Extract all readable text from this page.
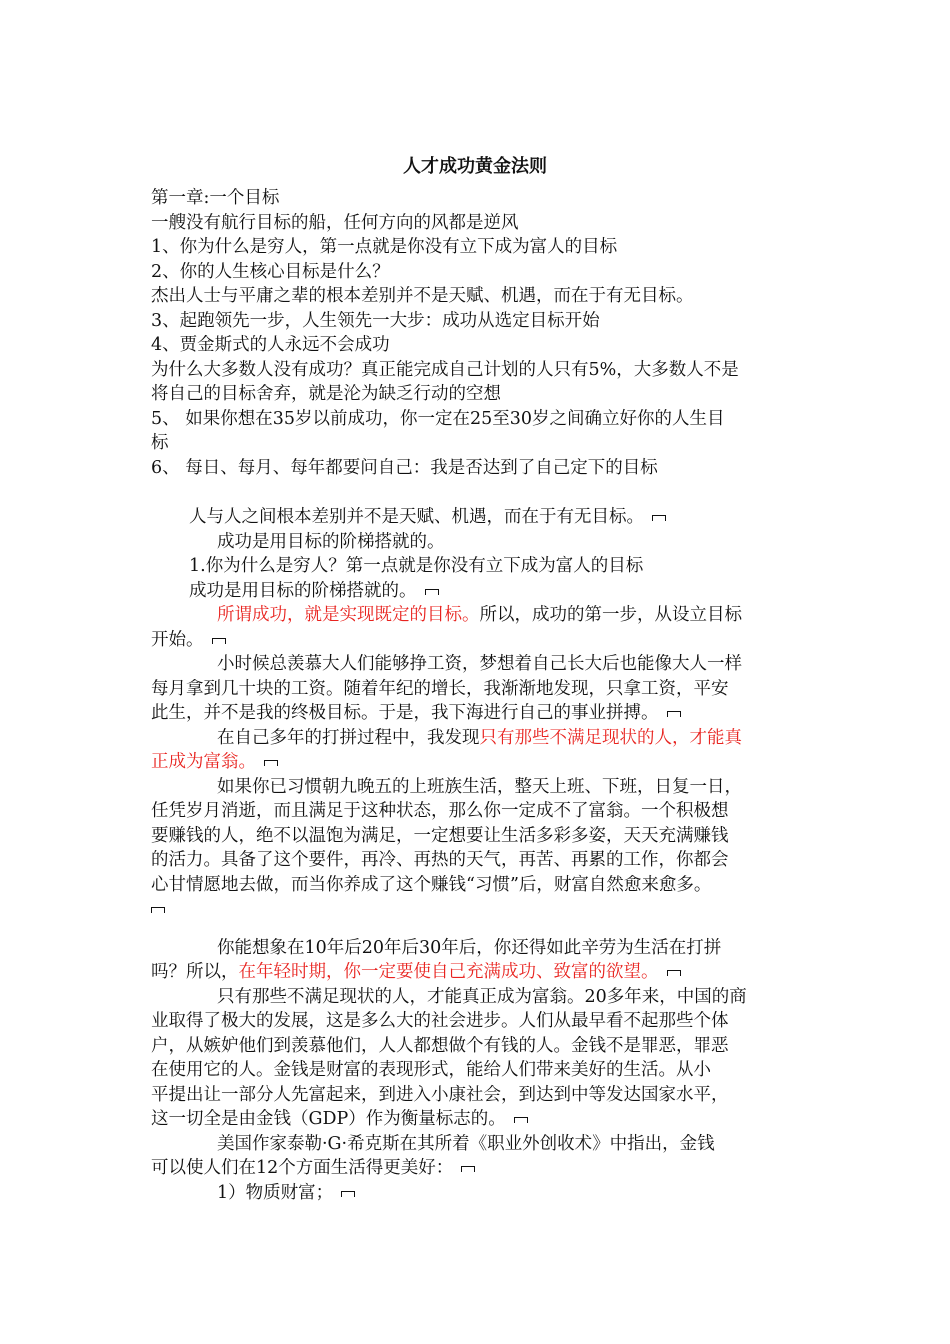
人才成功黄金法则
第一章:一个目标
一艘没有航行目标的船，任何方向的风都是逆风
1、你为什么是穷人，第一点就是你没有立下成为富人的目标
2、你的人生核心目标是什么？
杰出人士与平庸之辈的根本差别并不是天赋、机遇，而在于有无目标。
3、起跑领先一步，人生领先一大步：成功从选定目标开始
4、贾金斯式的人永远不会成功
为什么大多数人没有成功？真正能完成自己计划的人只有5%，大多数人不是
将自己的目标舍弃，就是沦为缺乏行动的空想
5、 如果你想在35岁以前成功，你一定在25至30岁之间确立好你的人生目
标
6、 每日、每月、每年都要问自己：我是否达到了自己定下的目标
人与人之间根本差别并不是天赋、机遇，而在于有无目标。
成功是用目标的阶梯搭就的。
1.你为什么是穷人？第一点就是你没有立下成为富人的目标
成功是用目标的阶梯搭就的。
所谓成功，就是实现既定的目标。所以，成功的第一步，从设立目标
开始。
小时候总羡慕大人们能够挣工资，梦想着自己长大后也能像大人一样
每月拿到几十块的工资。随着年纪的增长，我渐渐地发现，只拿工资，平安
此生，并不是我的终极目标。于是，我下海进行自己的事业拼搏。
在自己多年的打拼过程中，我发现只有那些不满足现状的人，才能真
正成为富翁。
如果你已习惯朝九晚五的上班族生活，整天上班、下班，日复一日，
任凭岁月消逝，而且满足于这种状态，那么你一定成不了富翁。一个积极想
要赚钱的人，绝不以温饱为满足，一定想要让生活多彩多姿，天天充满赚钱
的活力。具备了这个要件，再冷、再热的天气，再苦、再累的工作，你都会
心甘情愿地去做，而当你养成了这个赚钱“习惯”后，财富自然愈来愈多。
你能想象在10年后20年后30年后，你还得如此辛劳为生活在打拼
吗？所以，在年轻时期，你一定要使自己充满成功、致富的欲望。
只有那些不满足现状的人，才能真正成为富翁。20多年来，中国的商
业取得了极大的发展，这是多么大的社会进步。人们从最早看不起那些个体
户，从嫉妒他们到羡慕他们，人人都想做个有钱的人。金钱不是罪恶，罪恶
在使用它的人。金钱是财富的表现形式，能给人们带来美好的生活。从小
平提出让一部分人先富起来，到进入小康社会，到达到中等发达国家水平，
这一切全是由金钱（GDP）作为衡量标志的。
美国作家泰勒·G·希克斯在其所着《职业外创收术》中指出，金钱
可以使人们在12个方面生活得更美好：
1）物质财富；
